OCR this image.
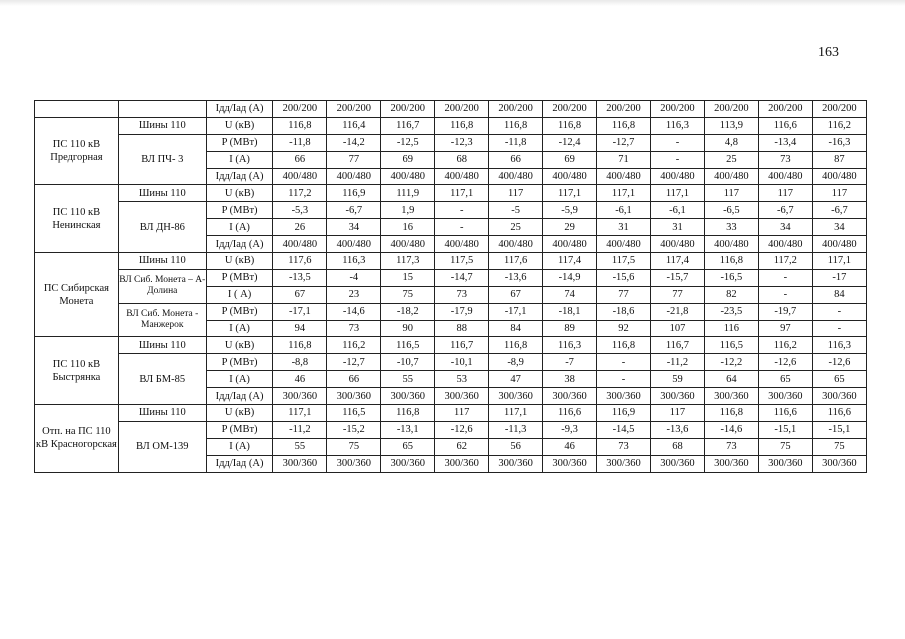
163
		Iдд/Iад (А)	200/200	200/200	200/200	200/200	200/200	200/200	200/200	200/200	200/200	200/200	200/200
ПС 110 кВ Предгорная	Шины 110	U (кВ)	116,8	116,4	116,7	116,8	116,8	116,8	116,8	116,3	113,9	116,6	116,2
	ВЛ ПЧ- 3	P (МВт)	-11,8	-14,2	-12,5	-12,3	-11,8	-12,4	-12,7	-	4,8	-13,4	-16,3
		I (А)	66	77	69	68	66	69	71	-	25	73	87
		Iдд/Iад (А)	400/480	400/480	400/480	400/480	400/480	400/480	400/480	400/480	400/480	400/480	400/480
ПС 110 кВ Ненинская	Шины 110	U (кВ)	117,2	116,9	111,9	117,1	117	117,1	117,1	117,1	117	117	117
	ВЛ ДН-86	P (МВт)	-5,3	-6,7	1,9	-	-5	-5,9	-6,1	-6,1	-6,5	-6,7	-6,7
		I (А)	26	34	16	-	25	29	31	31	33	34	34
		Iдд/Iад (А)	400/480	400/480	400/480	400/480	400/480	400/480	400/480	400/480	400/480	400/480	400/480
ПС Сибирская Монета	Шины 110	U (кВ)	117,6	116,3	117,3	117,5	117,6	117,4	117,5	117,4	116,8	117,2	117,1
	ВЛ Сиб. Монета – А-Долина	P (МВт)	-13,5	-4	15	-14,7	-13,6	-14,9	-15,6	-15,7	-16,5	-	-17
		I ( А)	67	23	75	73	67	74	77	77	82	-	84
	ВЛ Сиб. Монета - Манжерок	P (МВт)	-17,1	-14,6	-18,2	-17,9	-17,1	-18,1	-18,6	-21,8	-23,5	-19,7	-
		I (А)	94	73	90	88	84	89	92	107	116	97	-
ПС 110 кВ Быстрянка	Шины 110	U (кВ)	116,8	116,2	116,5	116,7	116,8	116,3	116,8	116,7	116,5	116,2	116,3
	ВЛ БМ-85	P (МВт)	-8,8	-12,7	-10,7	-10,1	-8,9	-7	-	-11,2	-12,2	-12,6	-12,6
		I (А)	46	66	55	53	47	38	-	59	64	65	65
		Iдд/Iад (А)	300/360	300/360	300/360	300/360	300/360	300/360	300/360	300/360	300/360	300/360	300/360
Отп. на ПС 110 кВ Красногорская	Шины 110	U (кВ)	117,1	116,5	116,8	117	117,1	116,6	116,9	117	116,8	116,6	116,6
	ВЛ ОМ-139	P (МВт)	-11,2	-15,2	-13,1	-12,6	-11,3	-9,3	-14,5	-13,6	-14,6	-15,1	-15,1
		I (А)	55	75	65	62	56	46	73	68	73	75	75
		Iдд/Iад (А)	300/360	300/360	300/360	300/360	300/360	300/360	300/360	300/360	300/360	300/360	300/360
